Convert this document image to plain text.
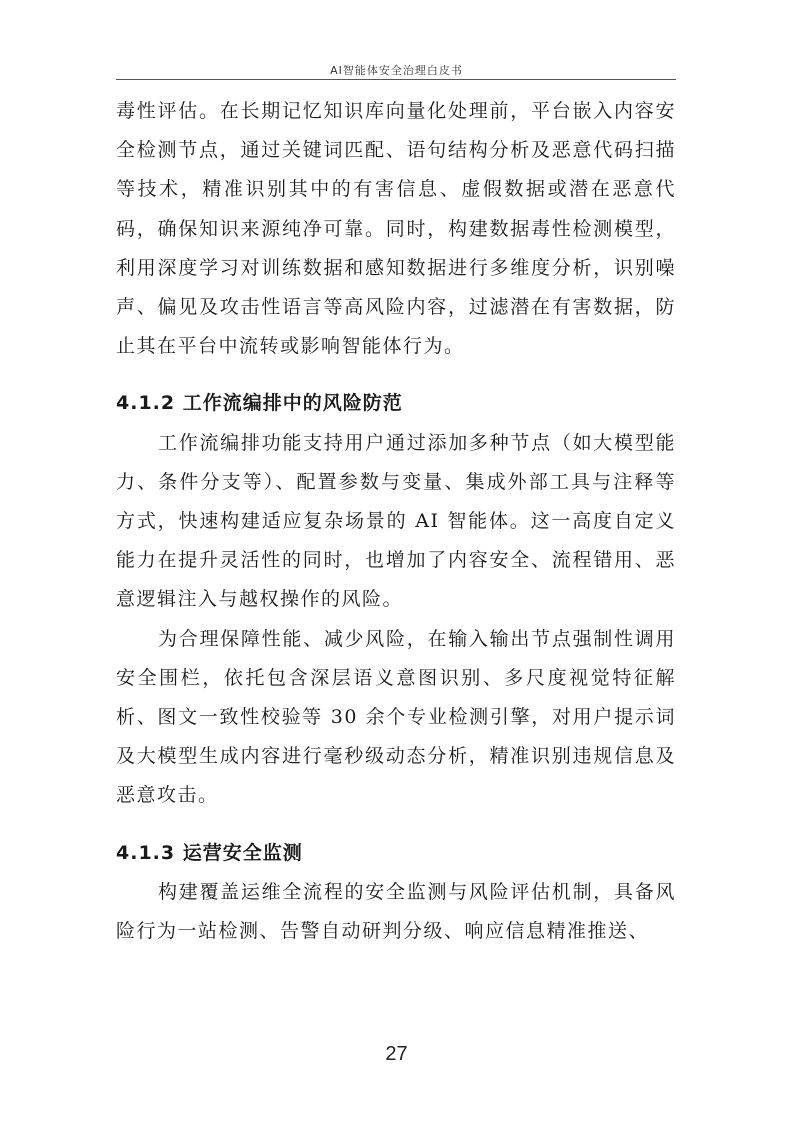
AI智能体安全治理白皮书

毒性评估。在长期记忆知识库向量化处理前，平台嵌入内容安全检测节点，通过关键词匹配、语句结构分析及恶意代码扫描等技术，精准识别其中的有害信息、虚假数据或潜在恶意代码，确保知识来源纯净可靠。同时，构建数据毒性检测模型，利用深度学习对训练数据和感知数据进行多维度分析，识别噪声、偏见及攻击性语言等高风险内容，过滤潜在有害数据，防止其在平台中流转或影响智能体行为。

4.1.2 工作流编排中的风险防范

工作流编排功能支持用户通过添加多种节点（如大模型能力、条件分支等）、配置参数与变量、集成外部工具与注释等方式，快速构建适应复杂场景的 AI 智能体。这一高度自定义能力在提升灵活性的同时，也增加了内容安全、流程错用、恶意逻辑注入与越权操作的风险。

为合理保障性能、减少风险，在输入输出节点强制性调用安全围栏，依托包含深层语义意图识别、多尺度视觉特征解析、图文一致性校验等 30 余个专业检测引擎，对用户提示词及大模型生成内容进行毫秒级动态分析，精准识别违规信息及恶意攻击。

4.1.3 运营安全监测

构建覆盖运维全流程的安全监测与风险评估机制，具备风险行为一站检测、告警自动研判分级、响应信息精准推送、

27
